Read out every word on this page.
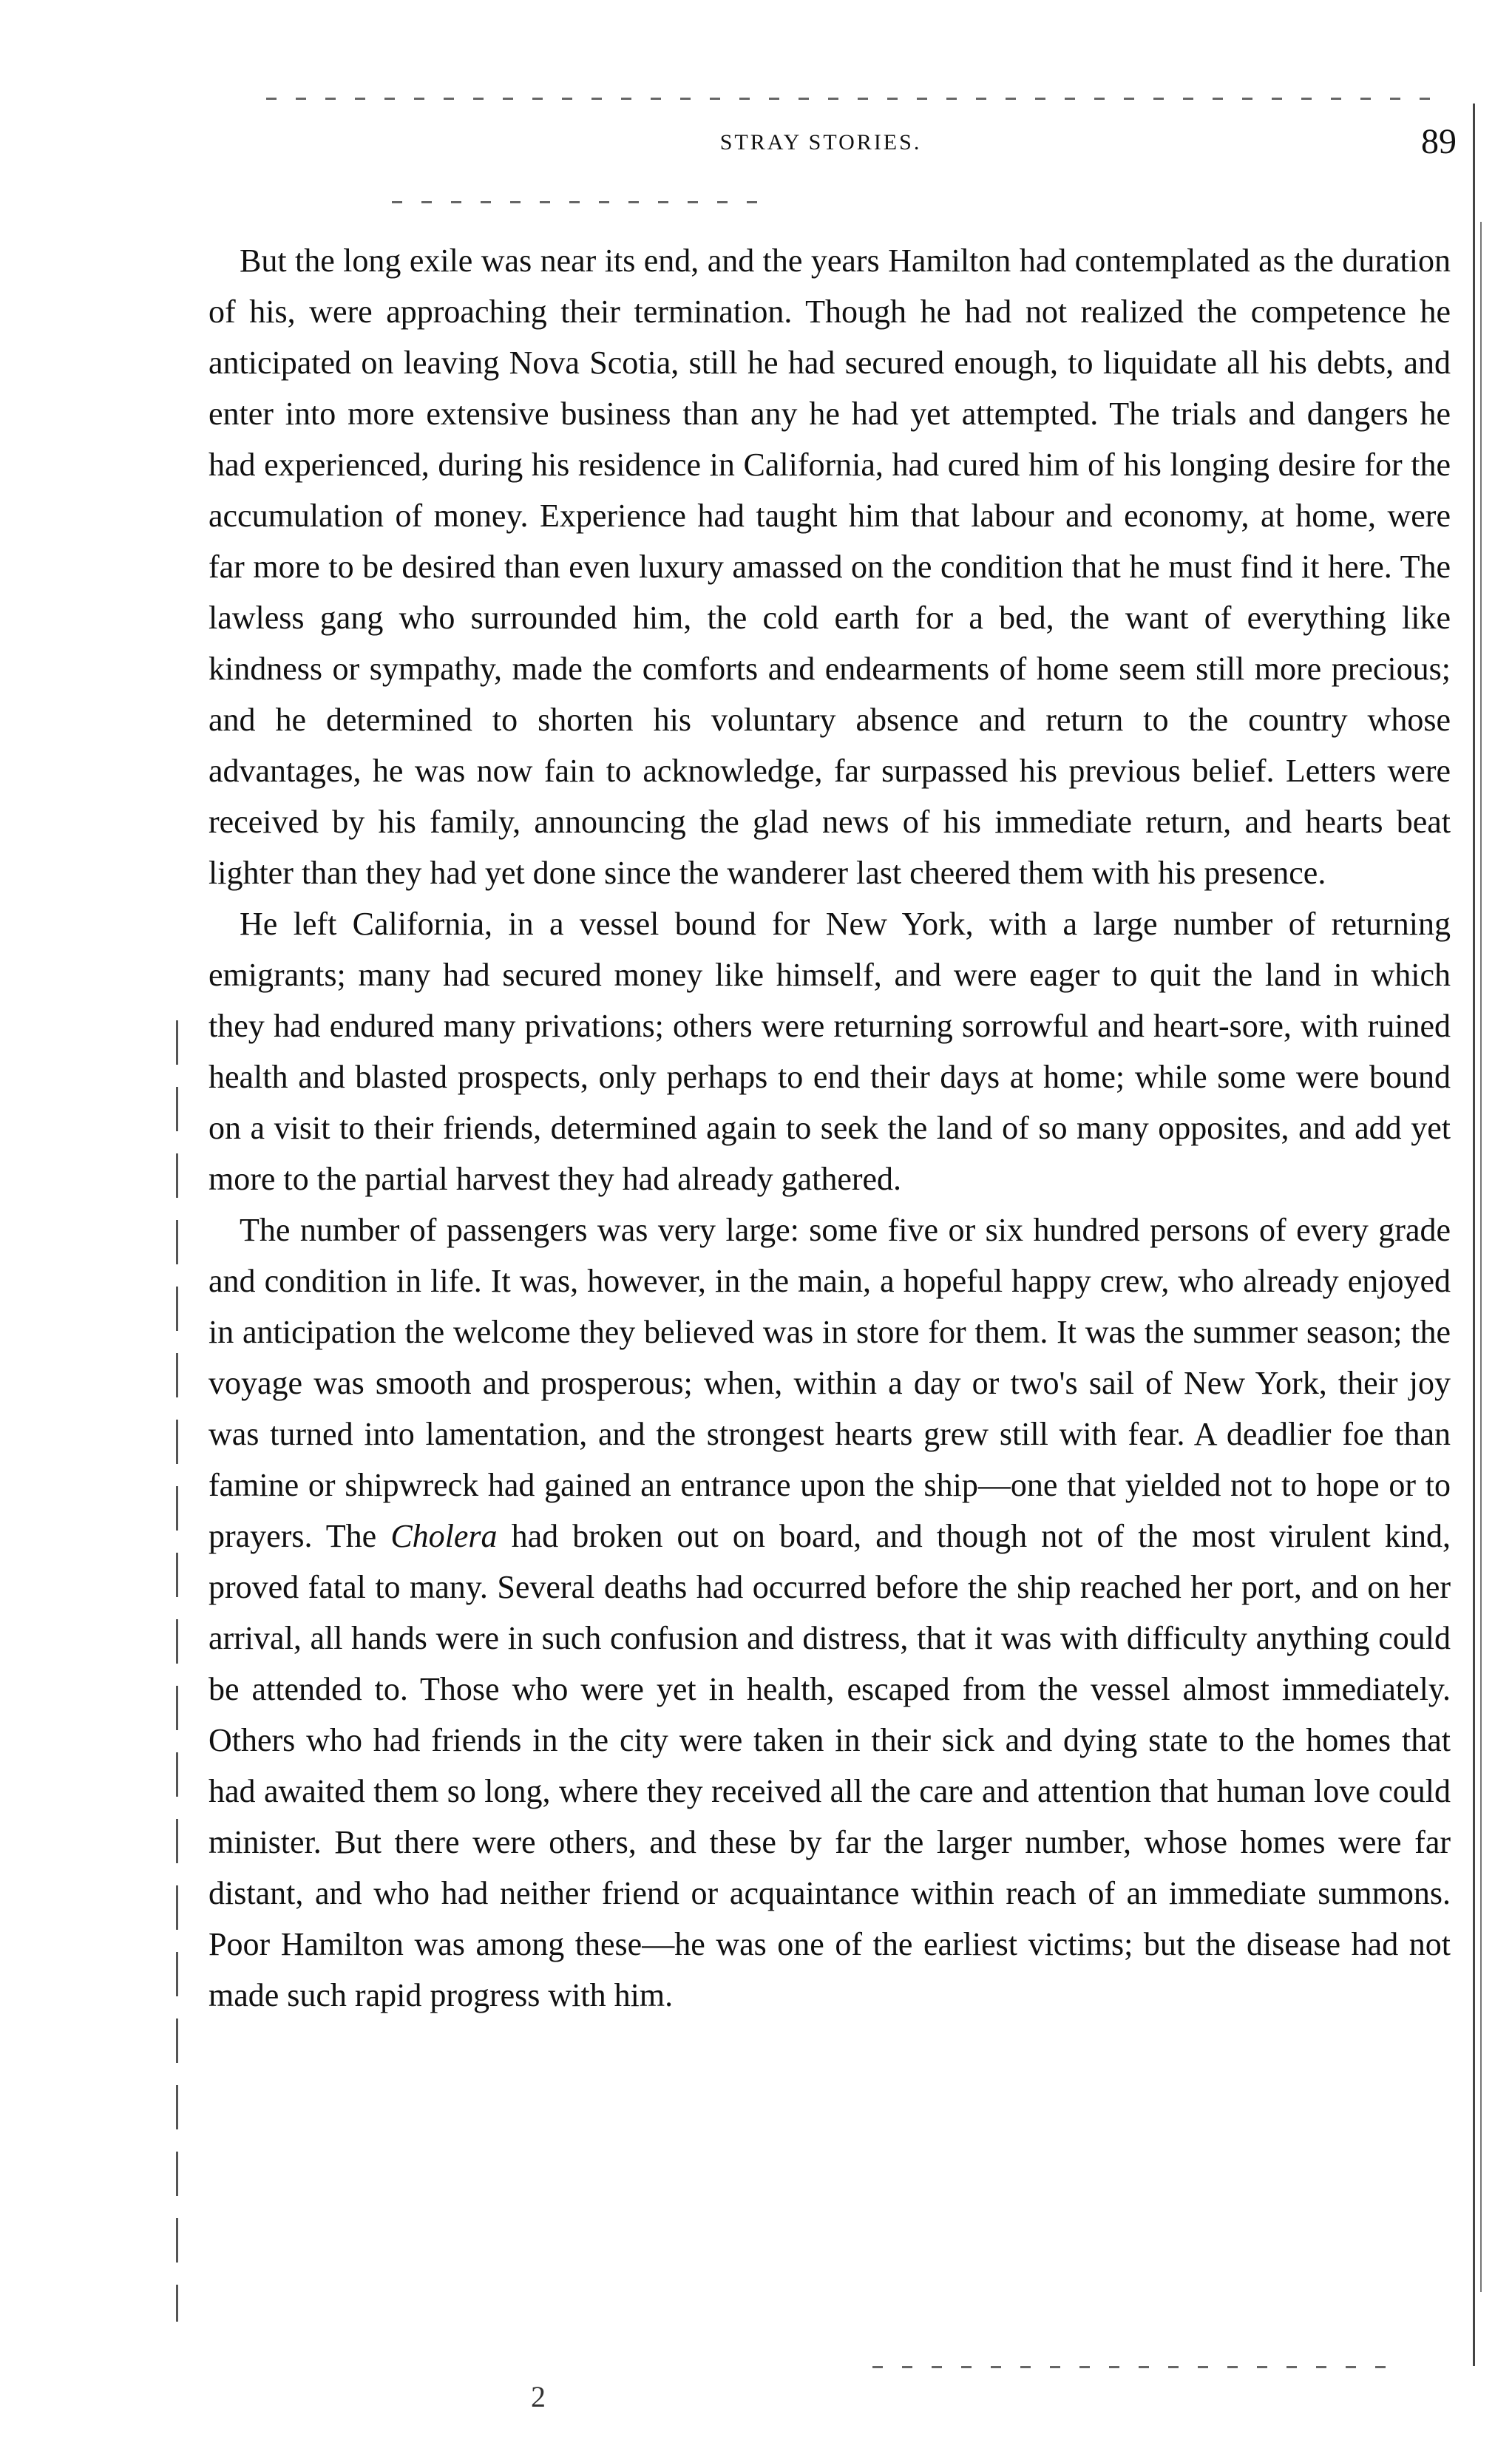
STRAY STORIES.	89

But the long exile was near its end, and the years Hamilton had contemplated as the duration of his, were approaching their termination. Though he had not realized the competence he anticipated on leaving Nova Scotia, still he had secured enough, to liquidate all his debts, and enter into more extensive business than any he had yet attempted. The trials and dangers he had experienced, during his residence in California, had cured him of his longing desire for the accumulation of money. Experience had taught him that labour and economy, at home, were far more to be desired than even luxury amassed on the condition that he must find it here. The lawless gang who surrounded him, the cold earth for a bed, the want of everything like kindness or sympathy, made the comforts and endearments of home seem still more precious; and he determined to shorten his voluntary absence and return to the country whose advantages, he was now fain to acknowledge, far surpassed his previous belief. Letters were received by his family, announcing the glad news of his immediate return, and hearts beat lighter than they had yet done since the wanderer last cheered them with his presence.

He left California, in a vessel bound for New York, with a large number of returning emigrants; many had secured money like himself, and were eager to quit the land in which they had endured many privations; others were returning sorrowful and heart-sore, with ruined health and blasted prospects, only perhaps to end their days at home; while some were bound on a visit to their friends, determined again to seek the land of so many opposites, and add yet more to the partial harvest they had already gathered.

The number of passengers was very large: some five or six hundred persons of every grade and condition in life. It was, however, in the main, a hopeful happy crew, who already enjoyed in anticipation the welcome they believed was in store for them. It was the summer season; the voyage was smooth and prosperous; when, within a day or two's sail of New York, their joy was turned into lamentation, and the strongest hearts grew still with fear. A deadlier foe than famine or shipwreck had gained an entrance upon the ship—one that yielded not to hope or to prayers. The Cholera had broken out on board, and though not of the most virulent kind, proved fatal to many. Several deaths had occurred before the ship reached her port, and on her arrival, all hands were in such confusion and distress, that it was with difficulty anything could be attended to. Those who were yet in health, escaped from the vessel almost immediately. Others who had friends in the city were taken in their sick and dying state to the homes that had awaited them so long, where they received all the care and attention that human love could minister. But there were others, and these by far the larger number, whose homes were far distant, and who had neither friend or acquaintance within reach of an immediate summons. Poor Hamilton was among these—he was one of the earliest victims; but the disease had not made such rapid progress with him.

2
